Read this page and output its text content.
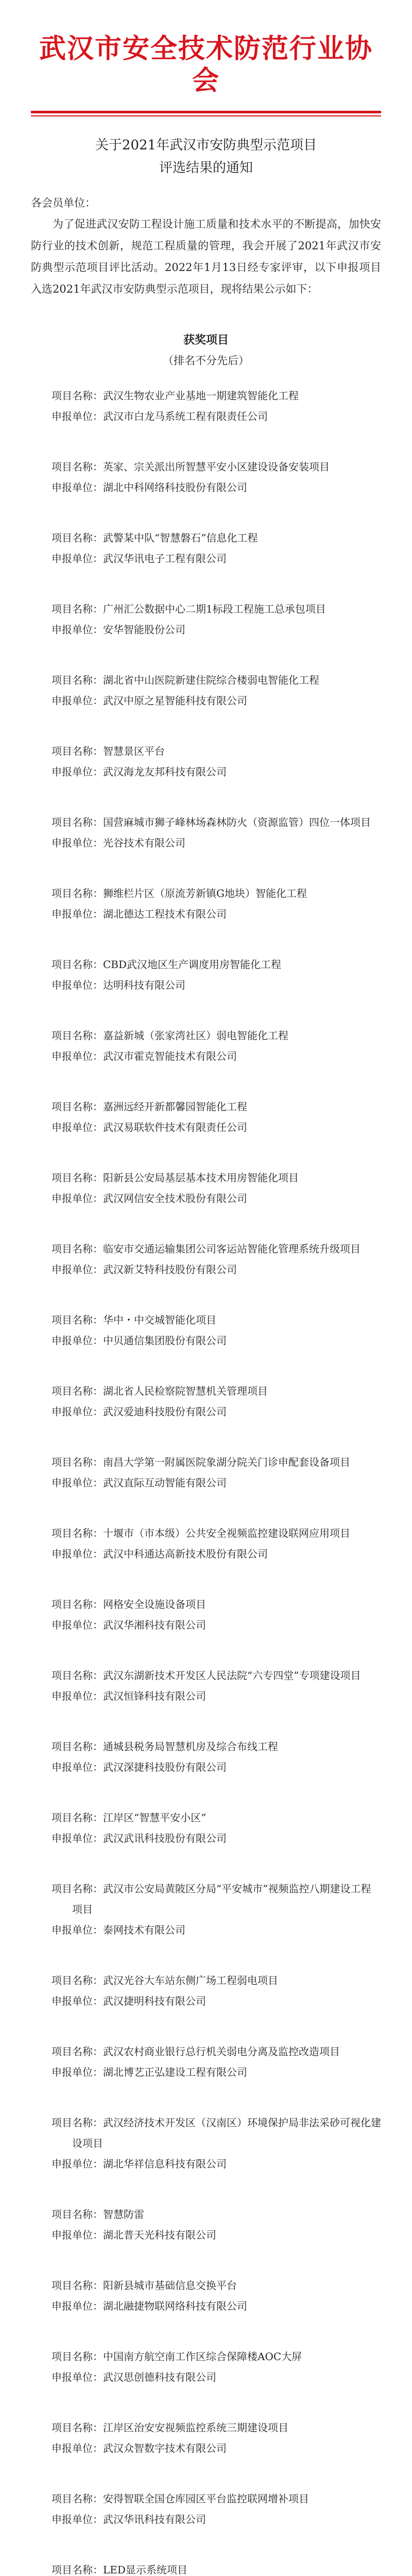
武汉市安全技术防范行业协会
关于2021年武汉市安防典型示范项目
评选结果的通知
各会员单位：

为了促进武汉安防工程设计施工质量和技术水平的不断提高，加快安防行业的技术创新，规范工程质量的管理，我会开展了2021年武汉市安防典型示范项目评比活动。2022年1月13日经专家评审，以下申报项目入选2021年武汉市安防典型示范项目，现将结果公示如下：

获奖项目
（排名不分先后）
项目名称：武汉生物农业产业基地一期建筑智能化工程
申报单位：武汉市白龙马系统工程有限责任公司
项目名称：英家、宗关派出所智慧平安小区建设设备安装项目
申报单位：湖北中科网络科技股份有限公司
项目名称：武警某中队“智慧磐石”信息化工程
申报单位：武汉华讯电子工程有限公司
项目名称：广州汇公数据中心二期1标段工程施工总承包项目
申报单位：安华智能股份公司
项目名称：湖北省中山医院新建住院综合楼弱电智能化工程
申报单位：武汉中原之星智能科技有限公司
项目名称：智慧景区平台
申报单位：武汉海龙友邦科技有限公司
项目名称：国营麻城市狮子峰林场森林防火（资源监管）四位一体项目
申报单位：光谷技术有限公司
项目名称：狮维栏片区（原流芳新镇G地块）智能化工程
申报单位：湖北德达工程技术有限公司
项目名称：CBD武汉地区生产调度用房智能化工程
申报单位：达明科技有限公司
项目名称：嘉益新城（张家湾社区）弱电智能化工程
申报单位：武汉市霍克智能技术有限公司
项目名称：嘉洲远经开新都馨园智能化工程
申报单位：武汉易联软件技术有限责任公司
项目名称：阳新县公安局基层基本技术用房智能化项目
申报单位：武汉网信安全技术股份有限公司
项目名称：临安市交通运输集团公司客运站智能化管理系统升级项目
申报单位：武汉新艾特科技股份有限公司
项目名称：华中・中交城智能化项目
申报单位：中贝通信集团股份有限公司
项目名称：湖北省人民检察院智慧机关管理项目
申报单位：武汉爱迪科技股份有限公司
项目名称：南昌大学第一附属医院象湖分院关门诊申配套设备项目
申报单位：武汉直际互动智能有限公司
项目名称：十堰市（市本级）公共安全视频监控建设联网应用项目
申报单位：武汉中科通达高新技术股份有限公司
项目名称：网格安全设施设备项目
申报单位：武汉华湘科技有限公司
项目名称：武汉东湖新技术开发区人民法院“六专四堂”专项建设项目
申报单位：武汉恒锋科技有限公司
项目名称：通城县税务局智慧机房及综合布线工程
申报单位：武汉深捷科技股份有限公司
项目名称：江岸区“智慧平安小区”
申报单位：武汉武讯科技股份有限公司
项目名称：武汉市公安局黄陂区分局“平安城市”视频监控八期建设工程项目
申报单位：泰网技术有限公司
项目名称：武汉光谷大车站东侧广场工程弱电项目
申报单位：武汉捷明科技有限公司
项目名称：武汉农村商业银行总行机关弱电分离及监控改造项目
申报单位：湖北博艺正弘建设工程有限公司
项目名称：武汉经济技术开发区（汉南区）环境保护局非法采砂可视化建设项目
申报单位：湖北华祥信息科技有限公司
项目名称：智慧防雷
申报单位：湖北普天光科技有限公司
项目名称：阳新县城市基础信息交换平台
申报单位：湖北融捷物联网络科技有限公司
项目名称：中国南方航空南工作区综合保障楼AOC大屏
申报单位：武汉思创德科技有限公司
项目名称：江岸区治安安视频监控系统三期建设项目
申报单位：武汉众智数字技术有限公司
项目名称：安得智联全国仓库园区平台监控联网增补项目
申报单位：武汉华讯科技有限公司
项目名称：LED显示系统项目
